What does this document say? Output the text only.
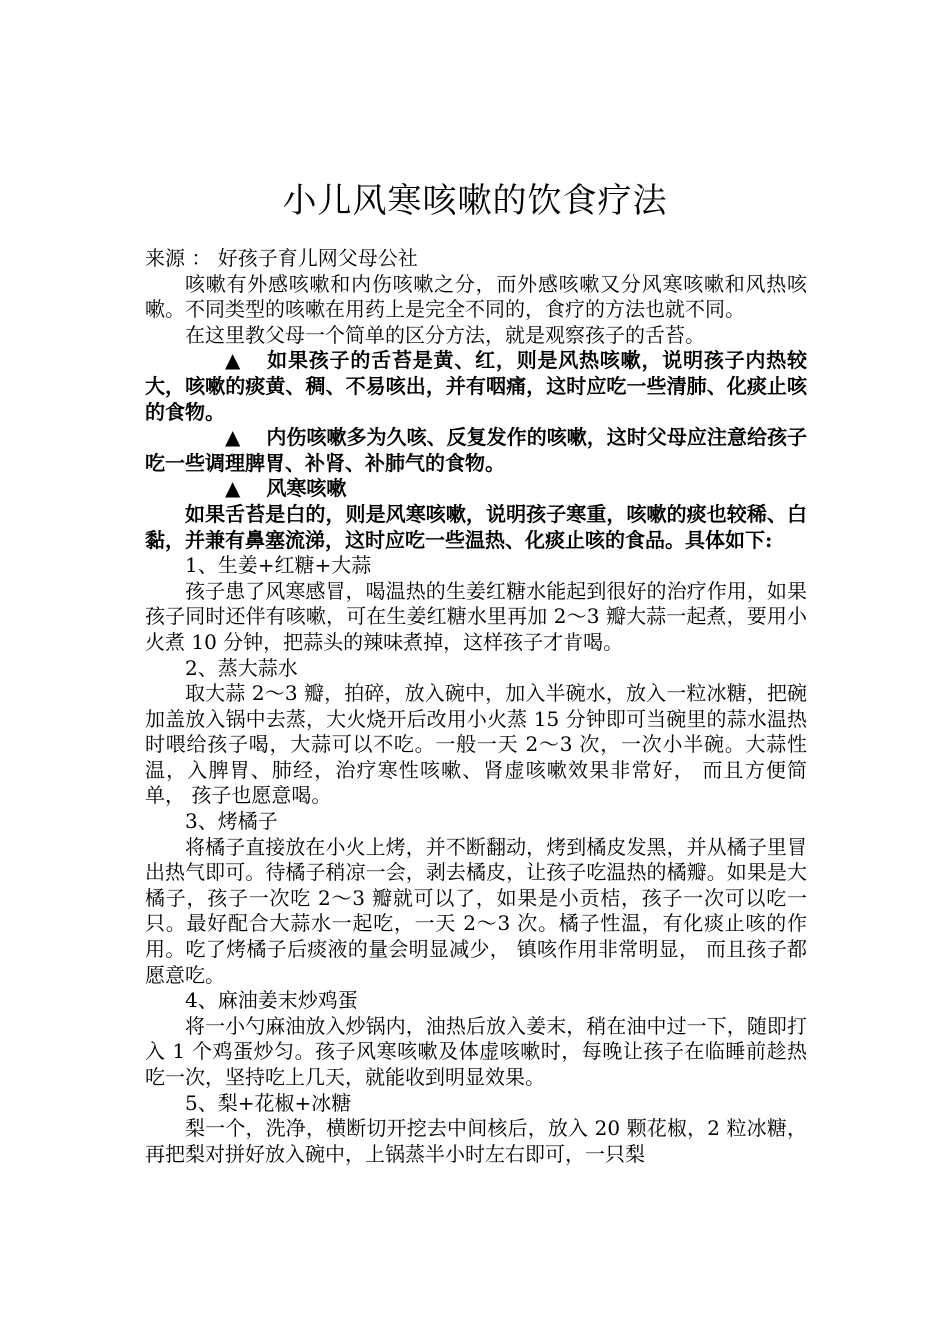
小儿风寒咳嗽的饮食疗法

来源 ： 好孩子育儿网父母公社

咳嗽有外感咳嗽和内伤咳嗽之分，而外感咳嗽又分风寒咳嗽和风热咳嗽。不同类型的咳嗽在用药上是完全不同的，食疗的方法也就不同。

在这里教父母一个简单的区分方法，就是观察孩子的舌苔。

▲ 如果孩子的舌苔是黄、红，则是风热咳嗽，说明孩子内热较大，咳嗽的痰黄、稠、不易咳出，并有咽痛，这时应吃一些清肺、化痰止咳的食物。

▲ 内伤咳嗽多为久咳、反复发作的咳嗽，这时父母应注意给孩子吃一些调理脾胃、补肾、补肺气的食物。

▲ 风寒咳嗽

如果舌苔是白的，则是风寒咳嗽，说明孩子寒重，咳嗽的痰也较稀、白黏，并兼有鼻塞流涕，这时应吃一些温热、化痰止咳的食品。具体如下:

1、生姜+红糖+大蒜

孩子患了风寒感冒，喝温热的生姜红糖水能起到很好的治疗作用，如果孩子同时还伴有咳嗽，可在生姜红糖水里再加 2～3 瓣大蒜一起煮，要用小火煮 10 分钟，把蒜头的辣味煮掉，这样孩子才肯喝。

2、蒸大蒜水

取大蒜 2～3 瓣，拍碎，放入碗中，加入半碗水，放入一粒冰糖，把碗加盖放入锅中去蒸，大火烧开后改用小火蒸 15 分钟即可当碗里的蒜水温热时喂给孩子喝，大蒜可以不吃。一般一天 2～3 次，一次小半碗。大蒜性温，入脾胃、肺经，治疗寒性咳嗽、肾虚咳嗽效果非常好， 而且方便简单， 孩子也愿意喝。

3、烤橘子

将橘子直接放在小火上烤，并不断翻动，烤到橘皮发黑，并从橘子里冒出热气即可。待橘子稍凉一会，剥去橘皮，让孩子吃温热的橘瓣。如果是大橘子，孩子一次吃 2～3 瓣就可以了，如果是小贡桔，孩子一次可以吃一只。最好配合大蒜水一起吃，一天 2～3 次。橘子性温，有化痰止咳的作用。吃了烤橘子后痰液的量会明显减少， 镇咳作用非常明显， 而且孩子都愿意吃。

4、麻油姜末炒鸡蛋

将一小勺麻油放入炒锅内，油热后放入姜末，稍在油中过一下，随即打入 1 个鸡蛋炒匀。孩子风寒咳嗽及体虚咳嗽时，每晚让孩子在临睡前趁热吃一次，坚持吃上几天，就能收到明显效果。

5、梨+花椒+冰糖

梨一个，洗净，横断切开挖去中间核后，放入 20 颗花椒，2 粒冰糖，再把梨对拼好放入碗中，上锅蒸半小时左右即可，一只梨
